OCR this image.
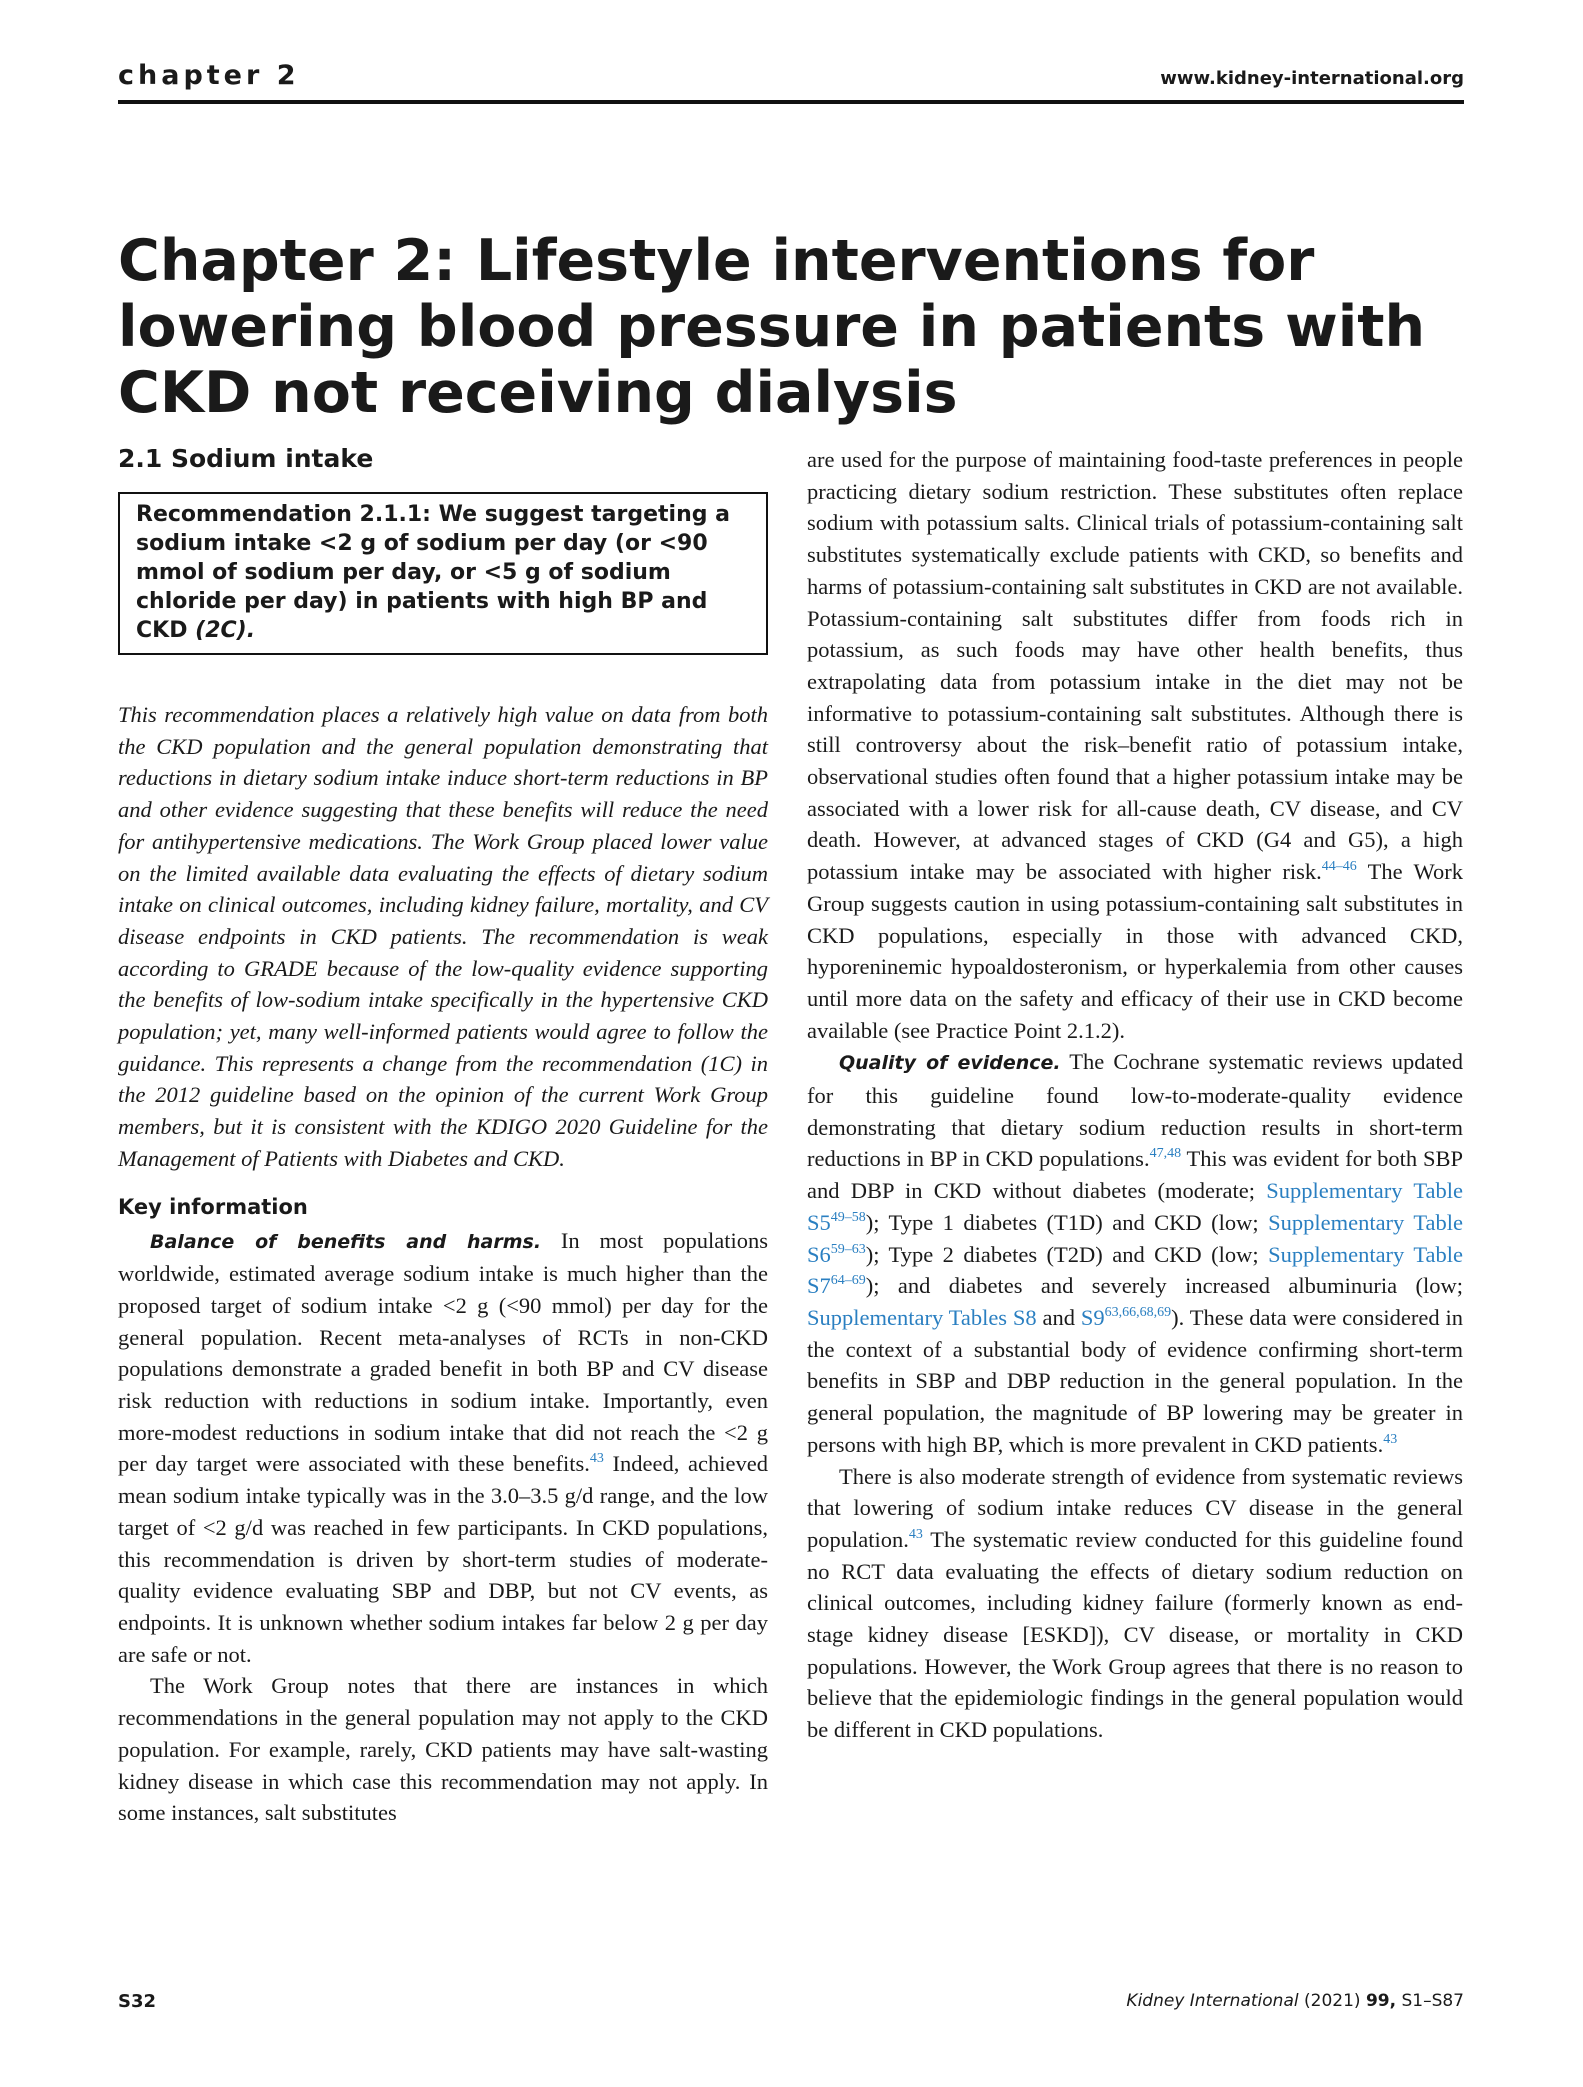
chapter 2	www.kidney-international.org
Chapter 2: Lifestyle interventions for lowering blood pressure in patients with CKD not receiving dialysis
2.1 Sodium intake
Recommendation 2.1.1: We suggest targeting a sodium intake <2 g of sodium per day (or <90 mmol of sodium per day, or <5 g of sodium chloride per day) in patients with high BP and CKD (2C).

This recommendation places a relatively high value on data from both the CKD population and the general population demonstrating that reductions in dietary sodium intake induce short-term reductions in BP and other evidence suggesting that these benefits will reduce the need for antihypertensive medications. The Work Group placed lower value on the limited available data evaluating the effects of dietary sodium intake on clinical outcomes, including kidney failure, mortality, and CV disease endpoints in CKD patients. The recommendation is weak according to GRADE because of the low-quality evidence supporting the benefits of low-sodium intake specifically in the hypertensive CKD population; yet, many well-informed patients would agree to follow the guidance. This represents a change from the recommendation (1C) in the 2012 guideline based on the opinion of the current Work Group members, but it is consistent with the KDIGO 2020 Guideline for the Management of Patients with Diabetes and CKD.

Key information

Balance of benefits and harms. In most populations worldwide, estimated average sodium intake is much higher than the proposed target of sodium intake <2 g (<90 mmol) per day for the general population. Recent meta-analyses of RCTs in non-CKD populations demonstrate a graded benefit in both BP and CV disease risk reduction with reductions in sodium intake. Importantly, even more-modest reductions in sodium intake that did not reach the <2 g per day target were associated with these benefits.$^{43}$ Indeed, achieved mean sodium intake typically was in the 3.0–3.5 g/d range, and the low target of <2 g/d was reached in few participants. In CKD populations, this recommendation is driven by short-term studies of moderate-quality evidence evaluating SBP and DBP, but not CV events, as endpoints. It is unknown whether sodium intakes far below 2 g per day are safe or not.

The Work Group notes that there are instances in which recommendations in the general population may not apply to the CKD population. For example, rarely, CKD patients may have salt-wasting kidney disease in which case this recommendation may not apply. In some instances, salt substitutes

are used for the purpose of maintaining food-taste preferences in people practicing dietary sodium restriction. These substitutes often replace sodium with potassium salts. Clinical trials of potassium-containing salt substitutes systematically exclude patients with CKD, so benefits and harms of potassium-containing salt substitutes in CKD are not available. Potassium-containing salt substitutes differ from foods rich in potassium, as such foods may have other health benefits, thus extrapolating data from potassium intake in the diet may not be informative to potassium-containing salt substitutes. Although there is still controversy about the risk–benefit ratio of potassium intake, observational studies often found that a higher potassium intake may be associated with a lower risk for all-cause death, CV disease, and CV death. However, at advanced stages of CKD (G4 and G5), a high potassium intake may be associated with higher risk.$^{44-46}$ The Work Group suggests caution in using potassium-containing salt substitutes in CKD populations, especially in those with advanced CKD, hyporeninemic hypoaldosteronism, or hyperkalemia from other causes until more data on the safety and efficacy of their use in CKD become available (see Practice Point 2.1.2).

Quality of evidence. The Cochrane systematic reviews updated for this guideline found low-to-moderate-quality evidence demonstrating that dietary sodium reduction results in short-term reductions in BP in CKD populations.$^{47,48}$ This was evident for both SBP and DBP in CKD without diabetes (moderate; Supplementary Table S5$^{49-58}$); Type 1 diabetes (T1D) and CKD (low; Supplementary Table S6$^{59-63}$); Type 2 diabetes (T2D) and CKD (low; Supplementary Table S7$^{64-69}$); and diabetes and severely increased albuminuria (low; Supplementary Tables S8 and S9$^{63,66,68,69}$). These data were considered in the context of a substantial body of evidence confirming short-term benefits in SBP and DBP reduction in the general population. In the general population, the magnitude of BP lowering may be greater in persons with high BP, which is more prevalent in CKD patients.$^{43}$

There is also moderate strength of evidence from systematic reviews that lowering of sodium intake reduces CV disease in the general population.$^{43}$ The systematic review conducted for this guideline found no RCT data evaluating the effects of dietary sodium reduction on clinical outcomes, including kidney failure (formerly known as end-stage kidney disease [ESKD]), CV disease, or mortality in CKD populations. However, the Work Group agrees that there is no reason to believe that the epidemiologic findings in the general population would be different in CKD populations.

S32	Kidney International (2021) 99, S1–S87
